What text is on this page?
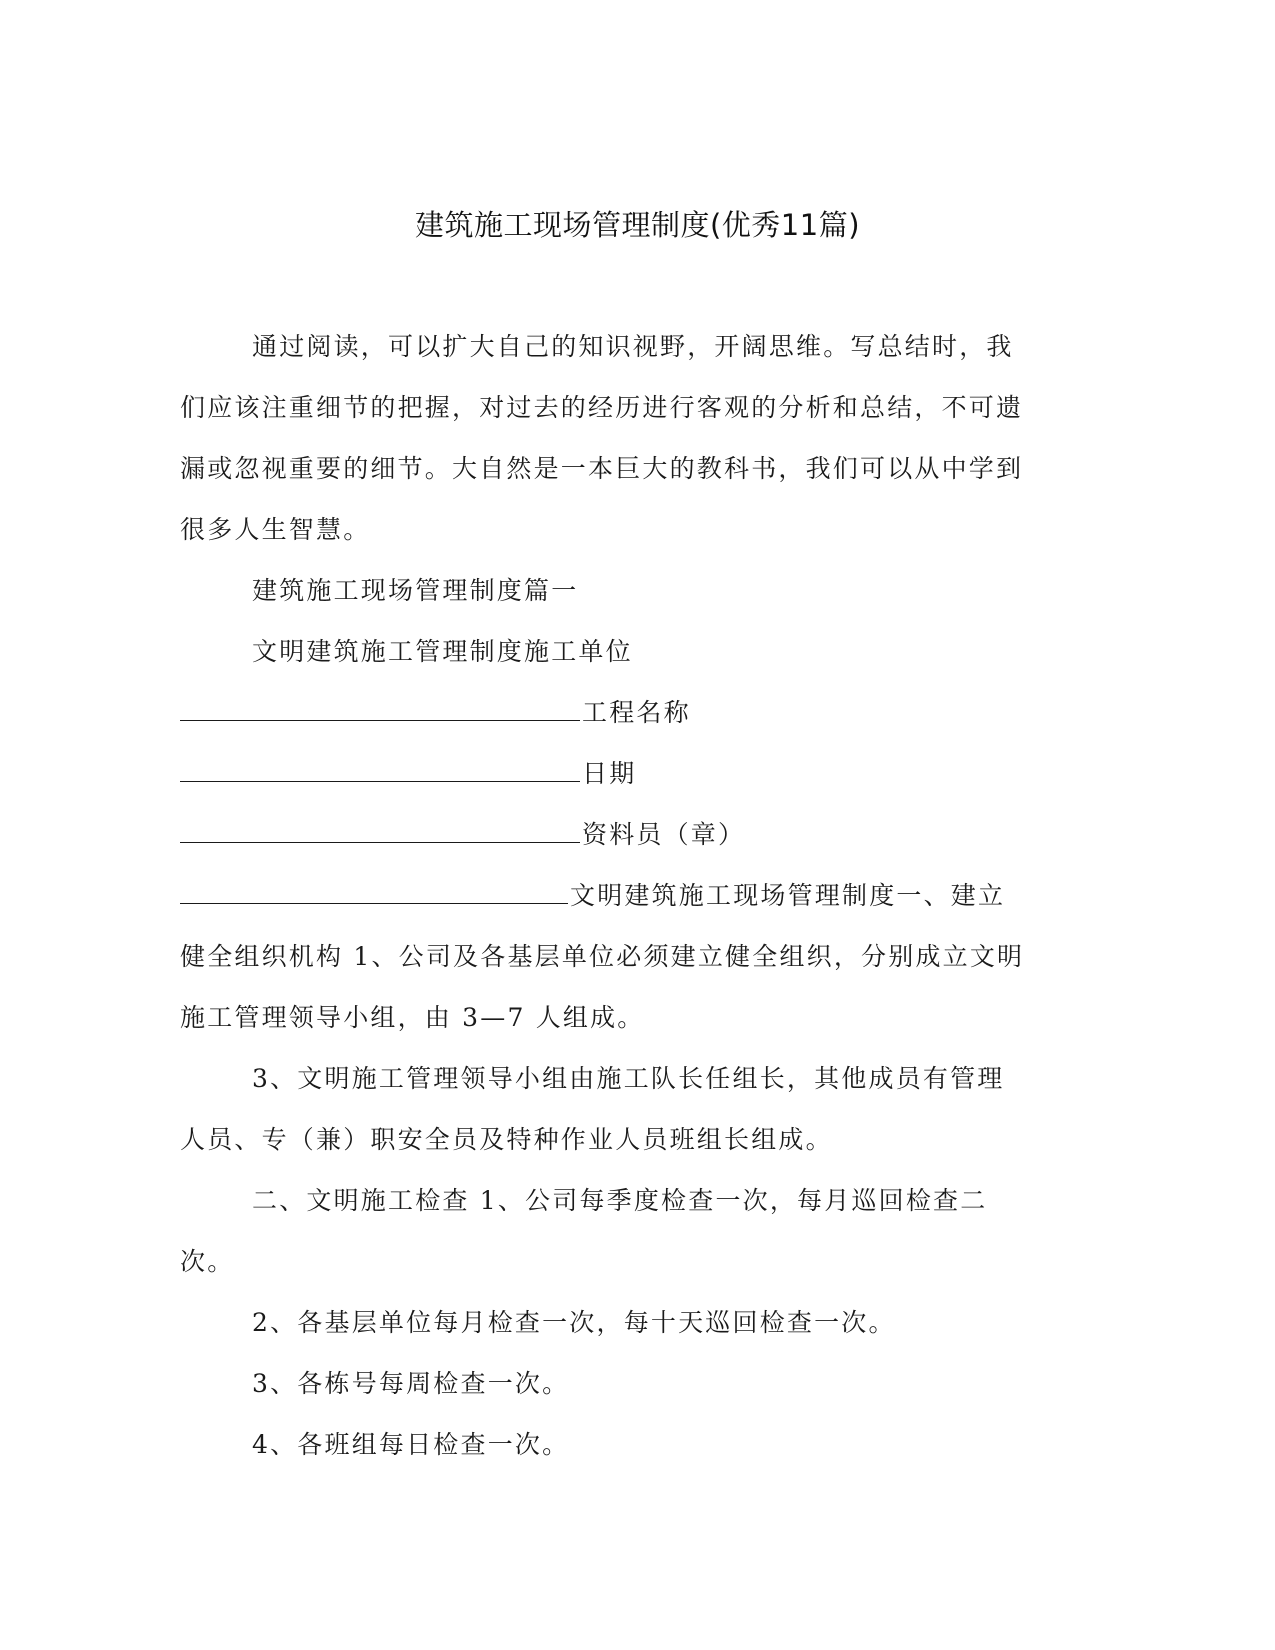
建筑施工现场管理制度(优秀11篇)

通过阅读，可以扩大自己的知识视野，开阔思维。写总结时，我们应该注重细节的把握，对过去的经历进行客观的分析和总结，不可遗漏或忽视重要的细节。大自然是一本巨大的教科书，我们可以从中学到很多人生智慧。

建筑施工现场管理制度篇一

文明建筑施工管理制度施工单位

工程名称

日期

资料员（章）

文明建筑施工现场管理制度一、建立健全组织机构 1、公司及各基层单位必须建立健全组织，分别成立文明施工管理领导小组，由 3—7 人组成。

3、文明施工管理领导小组由施工队长任组长，其他成员有管理人员、专（兼）职安全员及特种作业人员班组长组成。

二、文明施工检查 1、公司每季度检查一次，每月巡回检查二次。

2、各基层单位每月检查一次，每十天巡回检查一次。

3、各栋号每周检查一次。

4、各班组每日检查一次。
